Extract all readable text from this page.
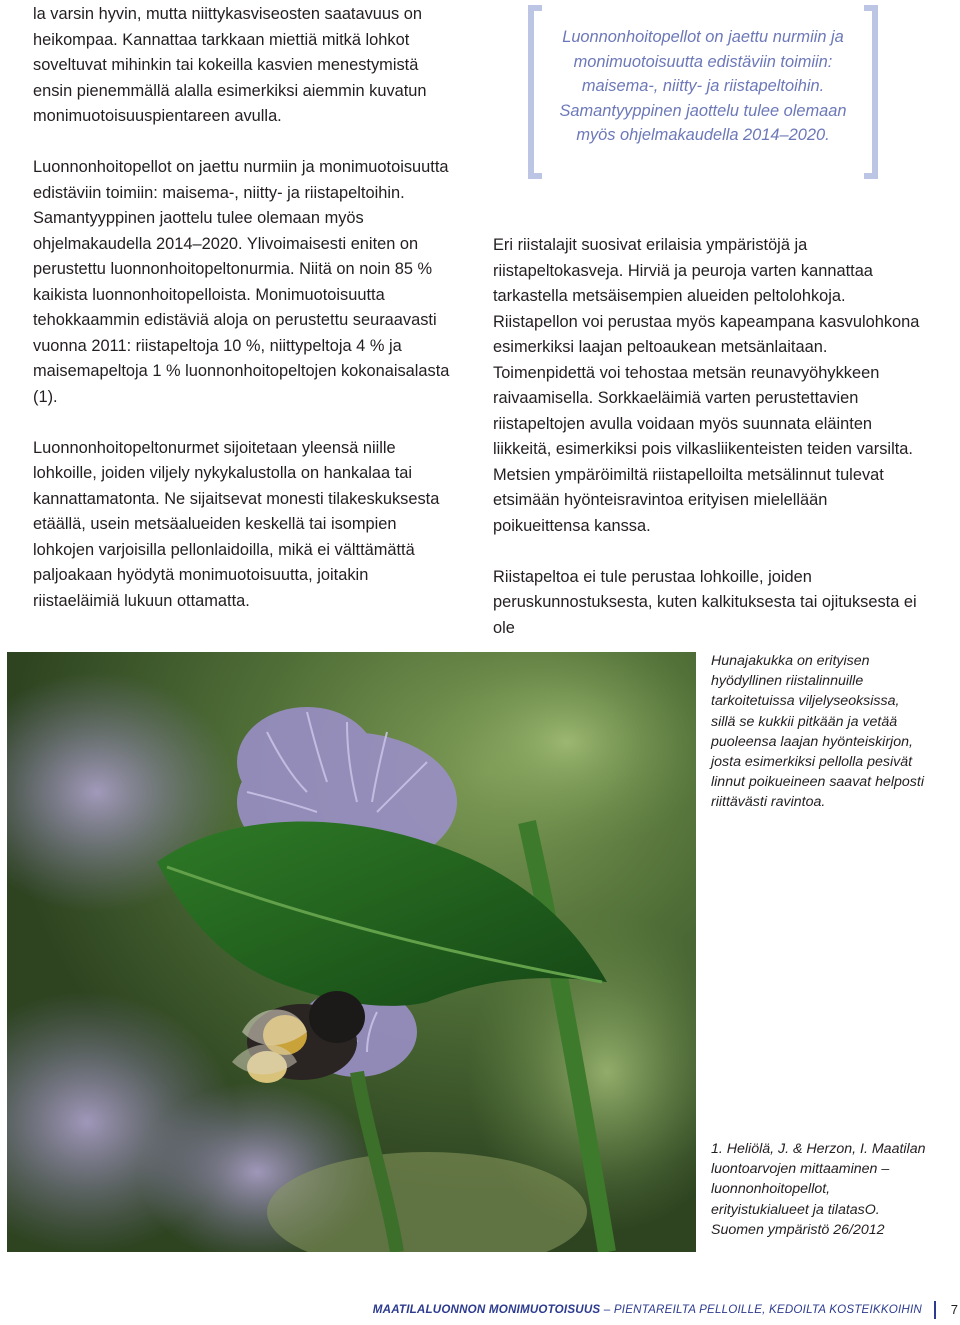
la varsin hyvin, mutta niittykasviseosten saatavuus on heikompaa. Kannattaa tarkkaan miettiä mitkä lohkot soveltuvat mihinkin tai kokeilla kasvien menestymistä ensin pienemmällä alalla esimerkiksi aiemmin kuvatun monimuotoisuuspientareen avulla.

Luonnonhoitopellot on jaettu nurmiin ja monimuotoisuutta edistäviin toimiin: maisema-, niitty- ja riistapeltoihin. Samantyyppinen jaottelu tulee olemaan myös ohjelmakaudella 2014–2020. Ylivoimaisesti eniten on perustettu luonnonhoitopeltonurmia. Niitä on noin 85 % kaikista luonnonhoitopelloista. Monimuotoisuutta tehokkaammin edistäviä aloja on perustettu seuraavasti vuonna 2011: riistapeltoja 10 %, niittypeltoja 4 % ja maisemapeltoja 1 % luonnonhoitopeltojen kokonaisalasta (1).

Luonnonhoitopeltonurmet sijoitetaan yleensä niille lohkoille, joiden viljely nykykalustolla on hankalaa tai kannattamatonta. Ne sijaitsevat monesti tilakeskuksesta etäällä, usein metsäalueiden keskellä tai isompien lohkojen varjoisilla pellonlaidoilla, mikä ei välttämättä paljoakaan hyödytä monimuotoisuutta, joitakin riistaeläimiä lukuun ottamatta.

Luonnonhoitopellot on jaettu nurmiin ja monimuotoisuutta edistäviin toimiin: maisema-, niitty- ja riistapeltoihin. Samantyyppinen jaottelu tulee olemaan myös ohjelmakaudella 2014–2020.

Eri riistalajit suosivat erilaisia ympäristöjä ja riistapeltokasveja. Hirviä ja peuroja varten kannattaa tarkastella metsäisempien alueiden peltolohkoja. Riistapellon voi perustaa myös kapeampana kasvulohkona esimerkiksi laajan peltoaukean metsänlaitaan. Toimenpidettä voi tehostaa metsän reunavyöhykkeen raivaamisella. Sorkkaeläimiä varten perustettavien riistapeltojen avulla voidaan myös suunnata eläinten liikkeitä, esimerkiksi pois vilkasliikenteisten teiden varsilta. Metsien ympäröimiltä riistapelloilta metsälinnut tulevat etsimään hyönteisravintoa erityisen mielellään poikueittensa kanssa.

Riistapeltoa ei tule perustaa lohkoille, joiden peruskunnostuksesta, kuten kalkituksesta tai ojituksesta ei ole

Hunajakukka on erityisen hyödyllinen riistalinnuille tarkoitetuissa viljelyseoksissa, sillä se kukkii pitkään ja vetää puoleensa laajan hyönteiskirjon, josta esimerkiksi pellolla pesivät linnut poikueineen saavat helposti riittävästi ravintoa.
1. Heliölä, J. & Herzon, I. Maatilan luontoarvojen mittaaminen – luonnonhoitopellot, erityistukialueet ja tilatasO. Suomen ympäristö 26/2012
MAATILALUONNON MONIMUOTOISUUS – PIENTAREILTA PELLOILLE, KEDOILTA KOSTEIKKOIHIN 7
